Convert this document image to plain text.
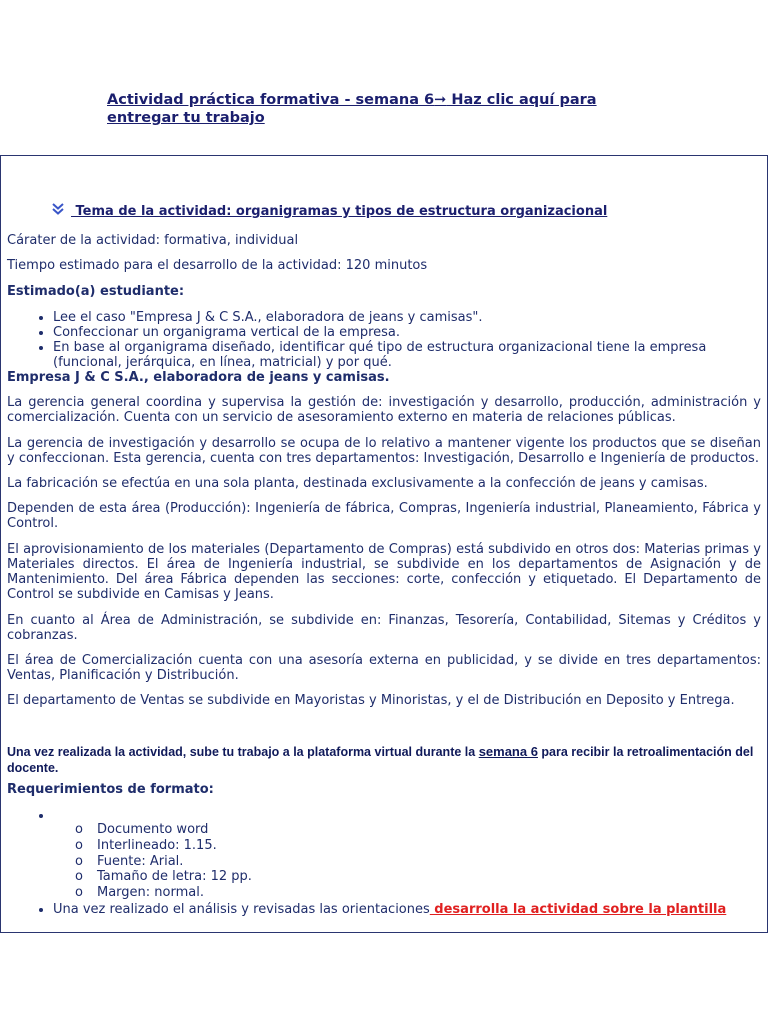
Actividad práctica formativa - semana 6➞ Haz clic aquí para
entregar tu trabajo
Tema de la actividad: organigramas y tipos de estructura organizacional

Cárater de la actividad: formativa, individual

Tiempo estimado para el desarrollo de la actividad: 120 minutos

Estimado(a) estudiante:

• Lee el caso "Empresa J & C S.A., elaboradora de jeans y camisas".
• Confeccionar un organigrama vertical de la empresa.
• En base al organigrama diseñado, identificar qué tipo de estructura organizacional tiene la empresa (funcional, jerárquica, en línea, matricial) y por qué.

Empresa J & C S.A., elaboradora de jeans y camisas.

La gerencia general coordina y supervisa la gestión de: investigación y desarrollo, producción, administración y comercialización. Cuenta con un servicio de asesoramiento externo en materia de relaciones públicas.

La gerencia de investigación y desarrollo se ocupa de lo relativo a mantener vigente los productos que se diseñan y confeccionan. Esta gerencia, cuenta con tres departamentos: Investigación, Desarrollo e Ingeniería de productos.

La fabricación se efectúa en una sola planta, destinada exclusivamente a la confección de jeans y camisas.

Dependen de esta área (Producción): Ingeniería de fábrica, Compras, Ingeniería industrial, Planeamiento, Fábrica y Control.

El aprovisionamiento de los materiales (Departamento de Compras) está subdivido en otros dos: Materias primas y Materiales directos. El área de Ingeniería industrial, se subdivide en los departamentos de Asignación y de Mantenimiento. Del área Fábrica dependen las secciones: corte, confección y etiquetado. El Departamento de Control se subdivide en Camisas y Jeans.

En cuanto al Área de Administración, se subdivide en: Finanzas, Tesorería, Contabilidad, Sitemas y Créditos y cobranzas.

El área de Comercialización cuenta con una asesoría externa en publicidad, y se divide en tres departamentos: Ventas, Planificación y Distribución.

El departamento de Ventas se subdivide en Mayoristas y Minoristas, y el de Distribución en Deposito y Entrega.

Una vez realizada la actividad, sube tu trabajo a la plataforma virtual durante la semana 6 para recibir la retroalimentación del docente.

Requerimientos de formato:

•
o Documento word
o Interlineado: 1.15.
o Fuente: Arial.
o Tamaño de letra: 12 pp.
o Margen: normal.
• Una vez realizado el análisis y revisadas las orientaciones desarrolla la actividad sobre la plantilla
